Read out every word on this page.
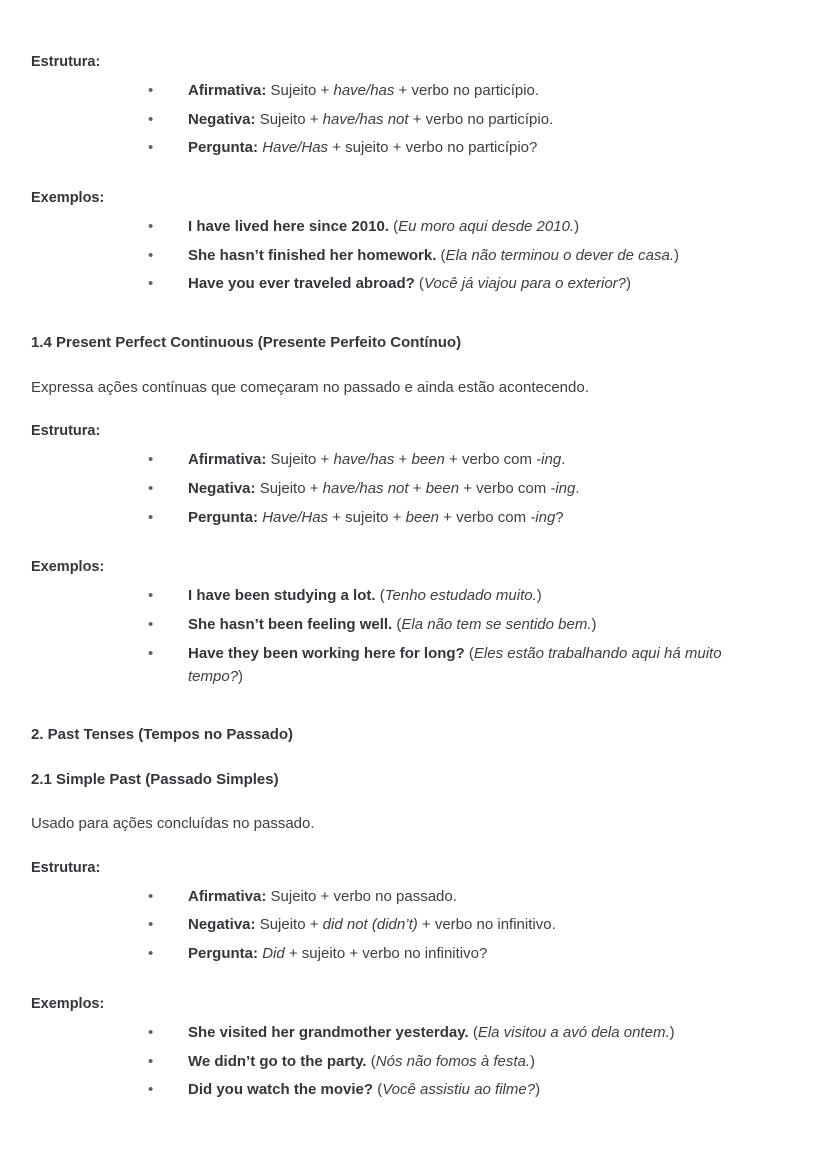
Estrutura:
• Afirmativa: Sujeito + have/has + verbo no particípio.
• Negativa: Sujeito + have/has not + verbo no particípio.
• Pergunta: Have/Has + sujeito + verbo no particípio?
Exemplos:
• I have lived here since 2010. (Eu moro aqui desde 2010.)
• She hasn’t finished her homework. (Ela não terminou o dever de casa.)
• Have you ever traveled abroad? (Você já viajou para o exterior?)
1.4 Present Perfect Continuous (Presente Perfeito Contínuo)
Expressa ações contínuas que começaram no passado e ainda estão acontecendo.
Estrutura:
• Afirmativa: Sujeito + have/has + been + verbo com -ing.
• Negativa: Sujeito + have/has not + been + verbo com -ing.
• Pergunta: Have/Has + sujeito + been + verbo com -ing?
Exemplos:
• I have been studying a lot. (Tenho estudado muito.)
• She hasn’t been feeling well. (Ela não tem se sentido bem.)
• Have they been working here for long? (Eles estão trabalhando aqui há muito tempo?)
2. Past Tenses (Tempos no Passado)
2.1 Simple Past (Passado Simples)
Usado para ações concluídas no passado.
Estrutura:
• Afirmativa: Sujeito + verbo no passado.
• Negativa: Sujeito + did not (didn’t) + verbo no infinitivo.
• Pergunta: Did + sujeito + verbo no infinitivo?
Exemplos:
• She visited her grandmother yesterday. (Ela visitou a avó dela ontem.)
• We didn’t go to the party. (Nós não fomos à festa.)
• Did you watch the movie? (Você assistiu ao filme?)
